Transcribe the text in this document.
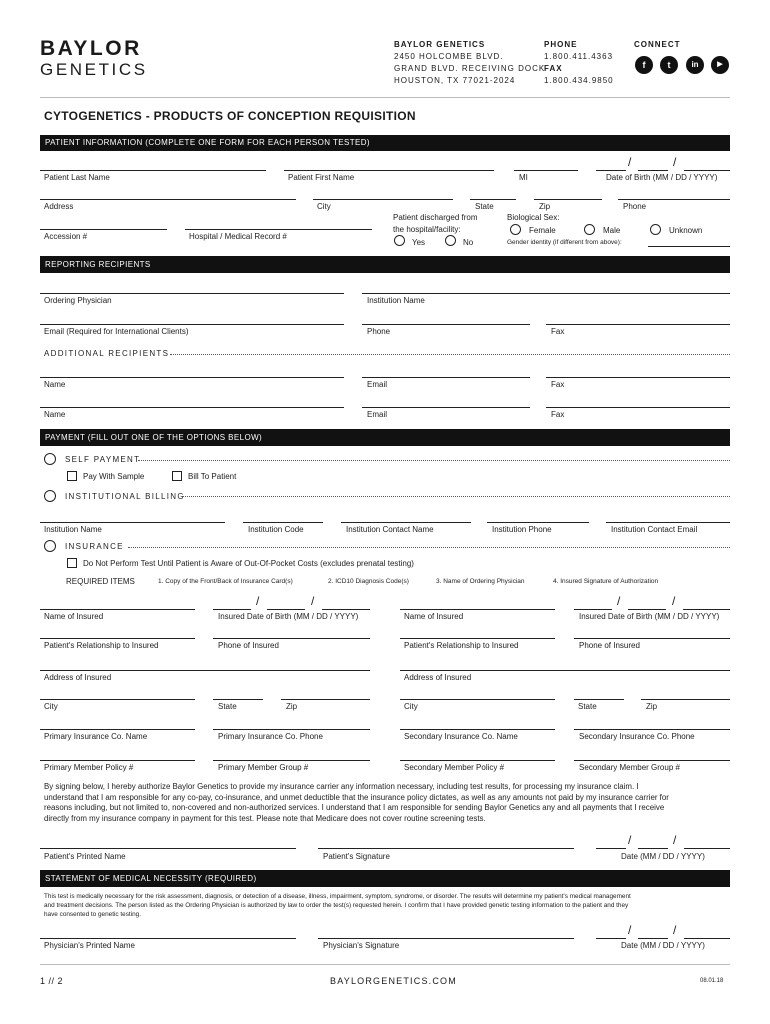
BAYLOR
GENETICS
BAYLOR GENETICS
2450 HOLCOMBE BLVD.
GRAND BLVD. RECEIVING DOCK
HOUSTON, TX 77021-2024
PHONE
1.800.411.4363
FAX
1.800.434.9850
CONNECT
f	t	in	▶
CYTOGENETICS - PRODUCTS OF CONCEPTION REQUISITION
PATIENT INFORMATION (COMPLETE ONE FORM FOR EACH PERSON TESTED)
/	/
Patient Last Name	Patient First Name	MI	Date of Birth (MM / DD / YYYY)
Address	City	State	Zip	Phone
Patient discharged from
the hospital/facility:
Yes	No
Biological Sex:
Female	Male	Unknown
Gender identity (if different from above):
Accession #	Hospital / Medical Record #
REPORTING RECIPIENTS
Ordering Physician	Institution Name
Email (Required for International Clients)	Phone	Fax
ADDITIONAL RECIPIENTS
Name	Email	Fax
Name	Email	Fax
PAYMENT (FILL OUT ONE OF THE OPTIONS BELOW)
SELF PAYMENT
Pay With Sample	Bill To Patient
INSTITUTIONAL BILLING
Institution Name	Institution Code	Institution Contact Name	Institution Phone	Institution Contact Email
INSURANCE
Do Not Perform Test Until Patient is Aware of Out-Of-Pocket Costs (excludes prenatal testing)
REQUIRED ITEMS	1. Copy of the Front/Back of Insurance Card(s)	2. ICD10 Diagnosis Code(s)	3. Name of Ordering Physician	4. Insured Signature of Authorization
/	/
Name of Insured	Insured Date of Birth (MM / DD / YYYY)
Patient's Relationship to Insured	Phone of Insured
Address of Insured
City	State	Zip
Primary Insurance Co. Name	Primary Insurance Co. Phone
Primary Member Policy #	Primary Member Group #
/	/
Name of Insured	Insured Date of Birth (MM / DD / YYYY)
Patient's Relationship to Insured	Phone of Insured
Address of Insured
City	State	Zip
Secondary Insurance Co. Name	Secondary Insurance Co. Phone
Secondary Member Policy #	Secondary Member Group #
By signing below, I hereby authorize Baylor Genetics to provide my insurance carrier any information necessary, including test results, for processing my insurance claim. I
understand that I am responsible for any co-pay, co-insurance, and unmet deductible that the insurance policy dictates, as well as any amounts not paid by my insurance carrier for
reasons including, but not limited to, non-covered and non-authorized services. I understand that I am responsible for sending Baylor Genetics any and all payments that I receive
directly from my insurance company in payment for this test. Please note that Medicare does not cover routine screening tests.
/	/
Patient's Printed Name	Patient's Signature	Date (MM / DD / YYYY)
STATEMENT OF MEDICAL NECESSITY (REQUIRED)
This test is medically necessary for the risk assessment, diagnosis, or detection of a disease, illness, impairment, symptom, syndrome, or disorder. The results will determine my patient's medical management
and treatment decisions. The person listed as the Ordering Physician is authorized by law to order the test(s) requested herein. I confirm that I have provided genetic testing information to the patient and they
have consented to genetic testing.
/	/
Physician's Printed Name	Physician's Signature	Date (MM / DD / YYYY)
1 // 2	BAYLORGENETICS.COM	08.01.18
